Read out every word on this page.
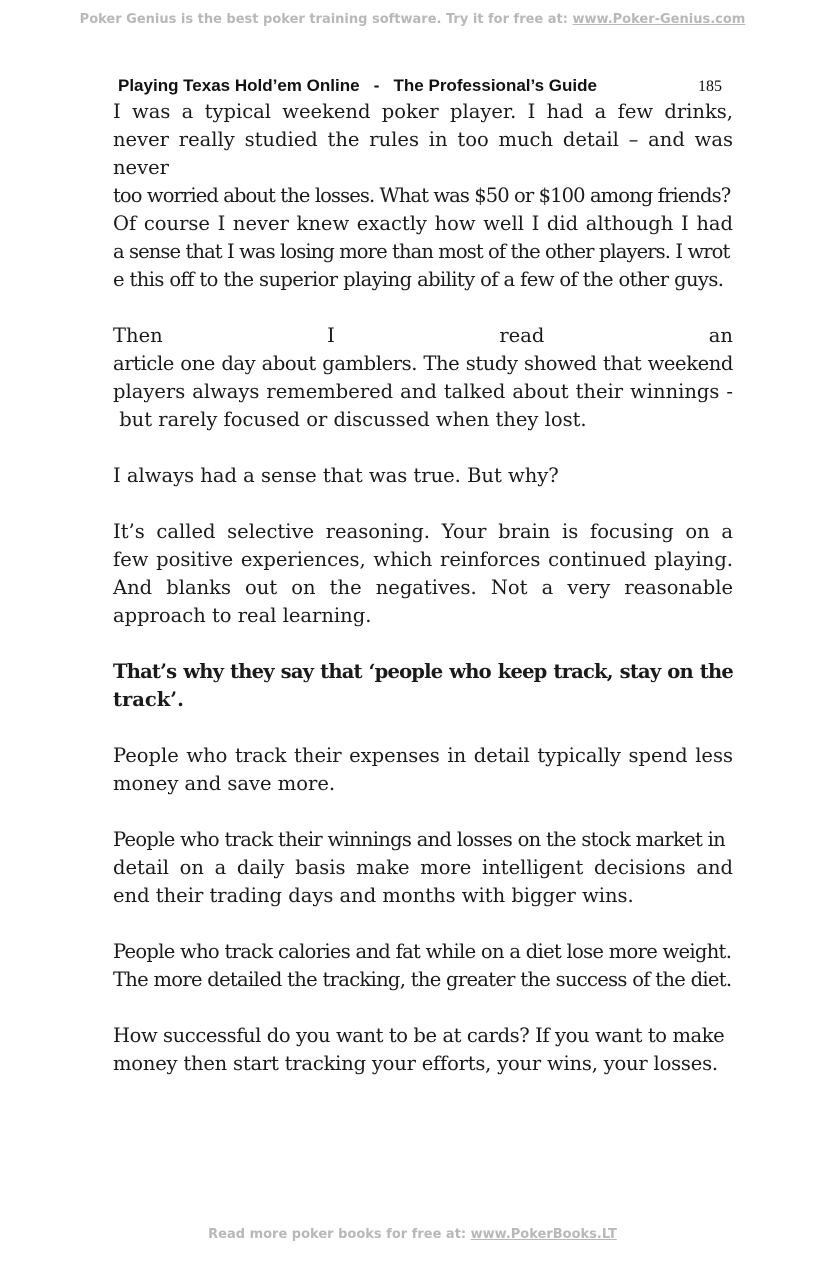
Poker Genius is the best poker training software. Try it for free at: www.Poker-Genius.com
Playing Texas Hold’em Online   -   The Professional’s Guide	185

I was a typical weekend poker player. I had a few drinks,
never really studied the rules in too much detail – and was
never
too worried about the losses. What was $50 or $100 among friends?
Of course I never knew exactly how well I did although I had
a sense that I was losing more than most of the other players. I wrot
e this off to the superior playing ability of a few of the other guys.

Then I read an
article one day about gamblers. The study showed that weekend
players always remembered and talked about their winnings -
but rarely focused or discussed when they lost.

I always had a sense that was true. But why?

It’s called selective reasoning. Your brain is focusing on a
few positive experiences, which reinforces continued playing.
And blanks out on the negatives. Not a very reasonable
approach to real learning.

That’s why they say that ‘people who keep track, stay on the
track’.

People who track their expenses in detail typically spend less
money and save more.

People who track their winnings and losses on the stock market in
detail on a daily basis make more intelligent decisions and
end their trading days and months with bigger wins.

People who track calories and fat while on a diet lose more weight.
The more detailed the tracking, the greater the success of the diet.

How successful do you want to be at cards? If you want to make
money then start tracking your efforts, your wins, your losses.

Read more poker books for free at: www.PokerBooks.LT
